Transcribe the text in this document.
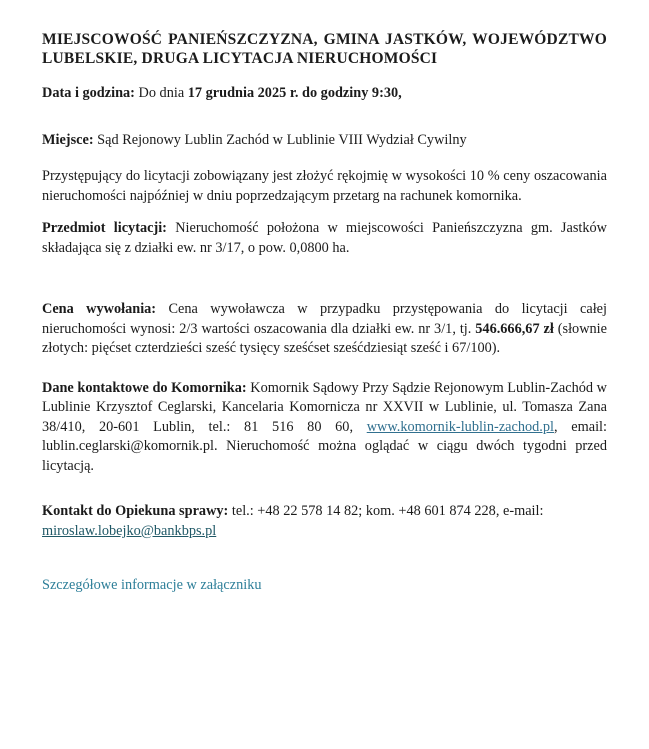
MIEJSCOWOŚĆ PANIEŃSZCZYZNA, GMINA JASTKÓW, WOJEWÓDZTWO LUBELSKIE, DRUGA LICYTACJA NIERUCHOMOŚCI

Data i godzina: Do dnia 17 grudnia 2025 r. do godziny 9:30,

Miejsce: Sąd Rejonowy Lublin Zachód w Lublinie VIII Wydział Cywilny

Przystępujący do licytacji zobowiązany jest złożyć rękojmię w wysokości 10 % ceny oszacowania nieruchomości najpóźniej w dniu poprzedzającym przetarg na rachunek komornika.

Przedmiot licytacji: Nieruchomość położona w miejscowości Panieńszczyzna gm. Jastków składająca się z działki ew. nr 3/17, o pow. 0,0800 ha.

Cena wywołania: Cena wywoławcza w przypadku przystępowania do licytacji całej nieruchomości wynosi: 2/3 wartości oszacowania dla działki ew. nr 3/1, tj. 546.666,67 zł (słownie złotych: pięćset czterdzieści sześć tysięcy sześćset sześćdziesiąt sześć i 67/100).

Dane kontaktowe do Komornika: Komornik Sądowy Przy Sądzie Rejonowym Lublin-Zachód w Lublinie Krzysztof Ceglarski, Kancelaria Komornicza nr XXVII w Lublinie, ul. Tomasza Zana 38/410, 20-601 Lublin, tel.: 81 516 80 60, www.komornik-lublin-zachod.pl, email: lublin.ceglarski@komornik.pl. Nieruchomość można oglądać w ciągu dwóch tygodni przed licytacją.

Kontakt do Opiekuna sprawy: tel.: +48 22 578 14 82; kom. +48 601 874 228, e-mail: miroslaw.lobejko@bankbps.pl

Szczegółowe informacje w załączniku
